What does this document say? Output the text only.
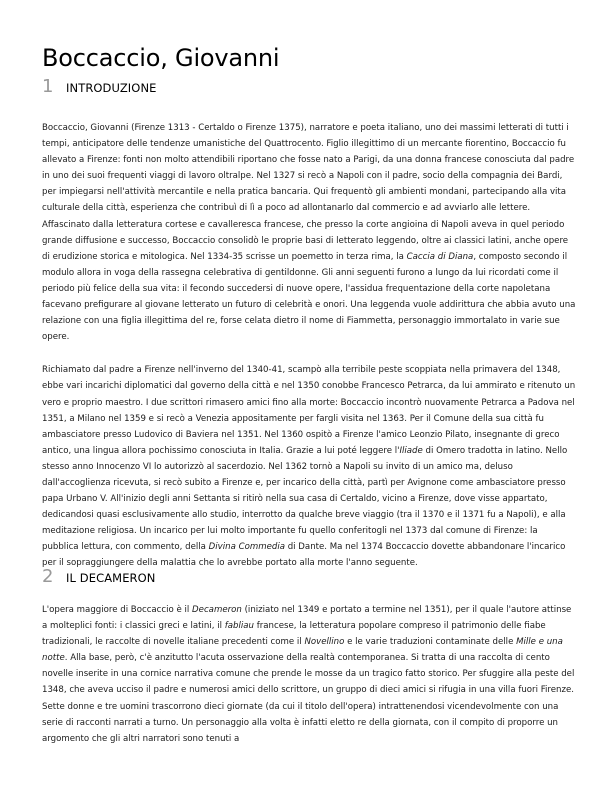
Boccaccio, Giovanni
1	INTRODUZIONE

Boccaccio, Giovanni (Firenze 1313 - Certaldo o Firenze 1375), narratore e poeta italiano, uno dei massimi letterati di tutti i tempi, anticipatore delle tendenze umanistiche del Quattrocento. Figlio illegittimo di un mercante fiorentino, Boccaccio fu allevato a Firenze: fonti non molto attendibili riportano che fosse nato a Parigi, da una donna francese conosciuta dal padre in uno dei suoi frequenti viaggi di lavoro oltralpe. Nel 1327 si recò a Napoli con il padre, socio della compagnia dei Bardi, per impiegarsi nell'attività mercantile e nella pratica bancaria. Qui frequentò gli ambienti mondani, partecipando alla vita culturale della città, esperienza che contribuì di lì a poco ad allontanarlo dal commercio e ad avviarlo alle lettere. Affascinato dalla letteratura cortese e cavalleresca francese, che presso la corte angioina di Napoli aveva in quel periodo grande diffusione e successo, Boccaccio consolidò le proprie basi di letterato leggendo, oltre ai classici latini, anche opere di erudizione storica e mitologica. Nel 1334-35 scrisse un poemetto in terza rima, la Caccia di Diana, composto secondo il modulo allora in voga della rassegna celebrativa di gentildonne. Gli anni seguenti furono a lungo da lui ricordati come il periodo più felice della sua vita: il fecondo succedersi di nuove opere, l'assidua frequentazione della corte napoletana facevano prefigurare al giovane letterato un futuro di celebrità e onori. Una leggenda vuole addirittura che abbia avuto una relazione con una figlia illegittima del re, forse celata dietro il nome di Fiammetta, personaggio immortalato in varie sue opere.

Richiamato dal padre a Firenze nell'inverno del 1340-41, scampò alla terribile peste scoppiata nella primavera del 1348, ebbe vari incarichi diplomatici dal governo della città e nel 1350 conobbe Francesco Petrarca, da lui ammirato e ritenuto un vero e proprio maestro. I due scrittori rimasero amici fino alla morte: Boccaccio incontrò nuovamente Petrarca a Padova nel 1351, a Milano nel 1359 e si recò a Venezia appositamente per fargli visita nel 1363. Per il Comune della sua città fu ambasciatore presso Ludovico di Baviera nel 1351. Nel 1360 ospitò a Firenze l'amico Leonzio Pilato, insegnante di greco antico, una lingua allora pochissimo conosciuta in Italia. Grazie a lui poté leggere l'Iliade di Omero tradotta in latino. Nello stesso anno Innocenzo VI lo autorizzò al sacerdozio. Nel 1362 tornò a Napoli su invito di un amico ma, deluso dall'accoglienza ricevuta, si recò subito a Firenze e, per incarico della città, partì per Avignone come ambasciatore presso papa Urbano V. All'inizio degli anni Settanta si ritirò nella sua casa di Certaldo, vicino a Firenze, dove visse appartato, dedicandosi quasi esclusivamente allo studio, interrotto da qualche breve viaggio (tra il 1370 e il 1371 fu a Napoli), e alla meditazione religiosa. Un incarico per lui molto importante fu quello conferitogli nel 1373 dal comune di Firenze: la pubblica lettura, con commento, della Divina Commedia di Dante. Ma nel 1374 Boccaccio dovette abbandonare l'incarico per il sopraggiungere della malattia che lo avrebbe portato alla morte l'anno seguente.

2	IL DECAMERON

L'opera maggiore di Boccaccio è il Decameron (iniziato nel 1349 e portato a termine nel 1351), per il quale l'autore attinse a molteplici fonti: i classici greci e latini, il fabliau francese, la letteratura popolare compreso il patrimonio delle fiabe tradizionali, le raccolte di novelle italiane precedenti come il Novellino e le varie traduzioni contaminate delle Mille e una notte. Alla base, però, c'è anzitutto l'acuta osservazione della realtà contemporanea. Si tratta di una raccolta di cento novelle inserite in una cornice narrativa comune che prende le mosse da un tragico fatto storico. Per sfuggire alla peste del 1348, che aveva ucciso il padre e numerosi amici dello scrittore, un gruppo di dieci amici si rifugia in una villa fuori Firenze. Sette donne e tre uomini trascorrono dieci giornate (da cui il titolo dell'opera) intrattenendosi vicendevolmente con una serie di racconti narrati a turno. Un personaggio alla volta è infatti eletto re della giornata, con il compito di proporre un argomento che gli altri narratori sono tenuti a
